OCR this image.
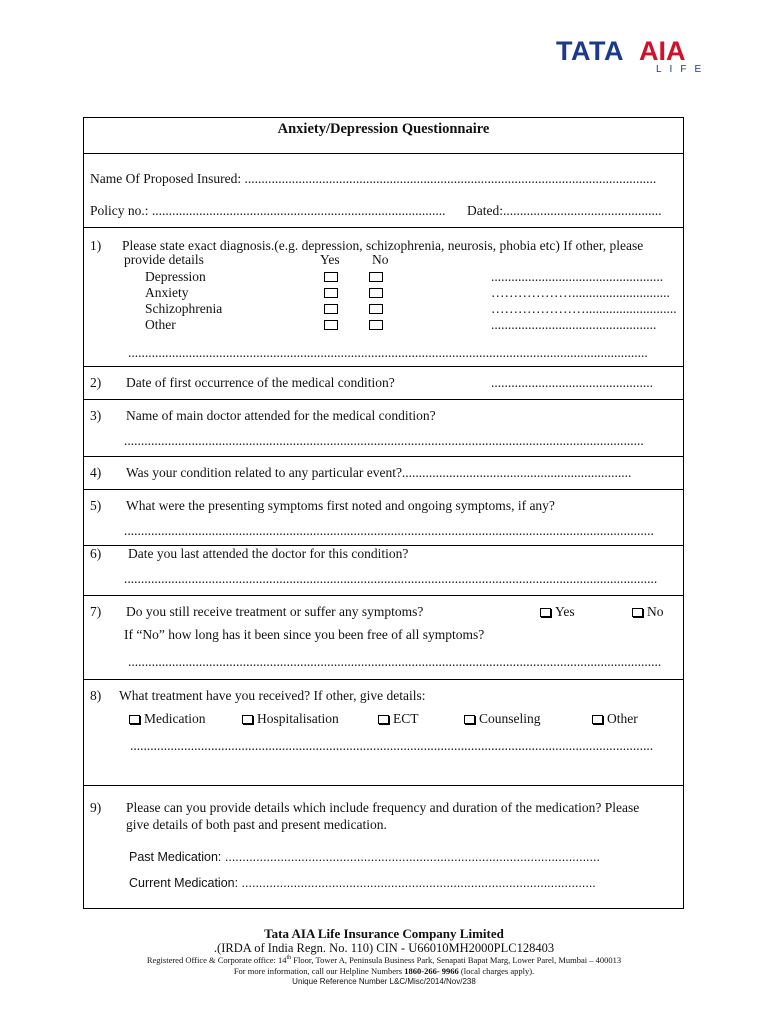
TATA AIA
LIFE
Anxiety/Depression Questionnaire
Name Of Proposed Insured: ..........................................................................................................................
Policy no.: ....................................................................................... Dated:...............................................
1) Please state exact diagnosis.(e.g. depression, schizophrenia, neurosis, phobia etc) If other, please
provide details	Yes No
Depression	...................................................
Anxiety	……………….............................
Schizophrenia	…………………...........................
Other	.................................................
..........................................................................................................................................................
2) Date of first occurrence of the medical condition?	................................................
3) Name of main doctor attended for the medical condition?
..........................................................................................................................................................
4) Was your condition related to any particular event?....................................................................
5) What were the presenting symptoms first noted and ongoing symptoms, if any?
.............................................................................................................................................................
6) Date you last attended the doctor for this condition?
..............................................................................................................................................................
7) Do you still receive treatment or suffer any symptoms?	Yes	No
If “No” how long has it been since you been free of all symptoms?
..............................................................................................................................................................
8) What treatment have you received? If other, give details:
Medication	Hospitalisation	ECT	Counseling	Other
...........................................................................................................................................................
9) Please can you provide details which include frequency and duration of the medication? Please
give details of both past and present medication.
Past Medication: ............................................................................................................
Current Medication: ......................................................................................................
Tata AIA Life Insurance Company Limited
.(IRDA of India Regn. No. 110) CIN - U66010MH2000PLC128403
Registered Office & Corporate office: 14th Floor, Tower A, Peninsula Business Park, Senapati Bapat Marg, Lower Parel, Mumbai – 400013
For more information, call our Helpline Numbers 1860-266- 9966 (local charges apply).
Unique Reference Number L&C/Misc/2014/Nov/238
